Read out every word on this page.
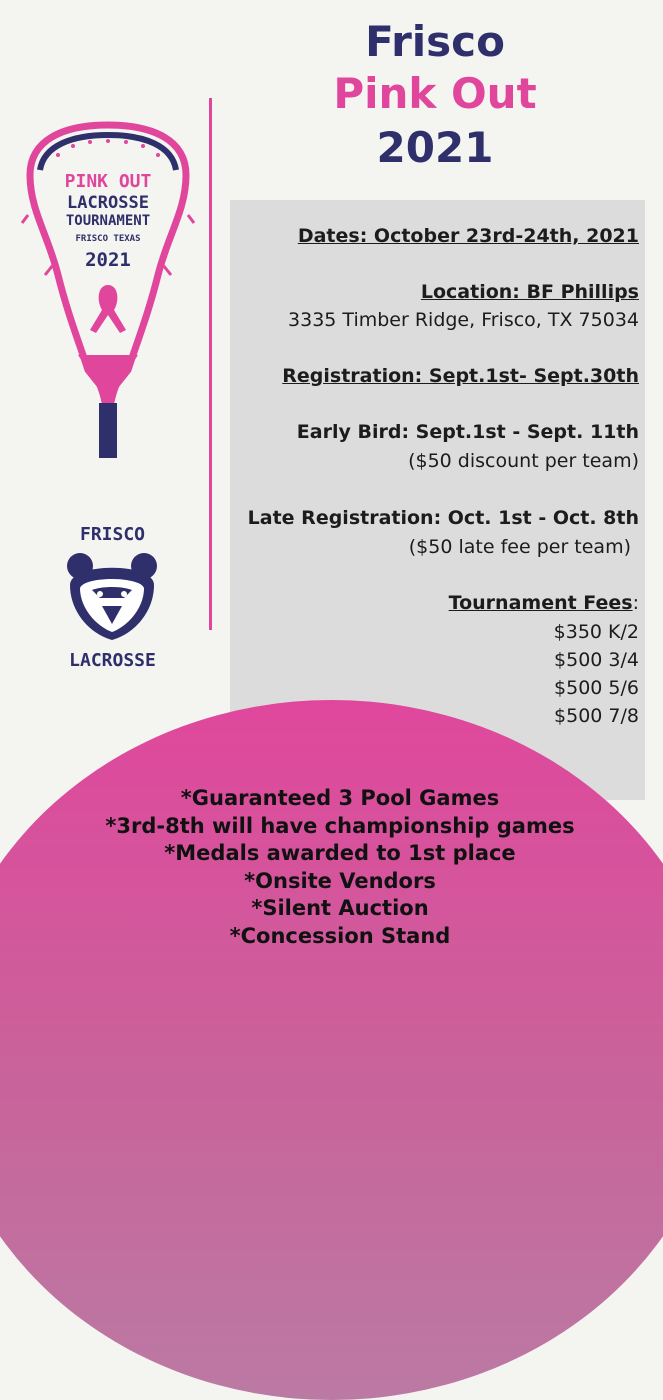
Frisco
Pink Out
2021
PINK OUT
LACROSSE
TOURNAMENT
FRISCO TEXAS
2021
FRISCO
LACROSSE
Dates: October 23rd-24th, 2021
Location: BF Phillips
3335 Timber Ridge, Frisco, TX 75034
Registration: Sept.1st- Sept.30th
Early Bird: Sept.1st - Sept. 11th
($50 discount per team)
Late Registration: Oct. 1st - Oct. 8th
($50 late fee per team)
Tournament Fees:
$350 K/2
$500 3/4
$500 5/6
$500 7/8
*Guaranteed 3 Pool Games
*3rd-8th will have championship games
*Medals awarded to 1st place
*Onsite Vendors
*Silent Auction
*Concession Stand
